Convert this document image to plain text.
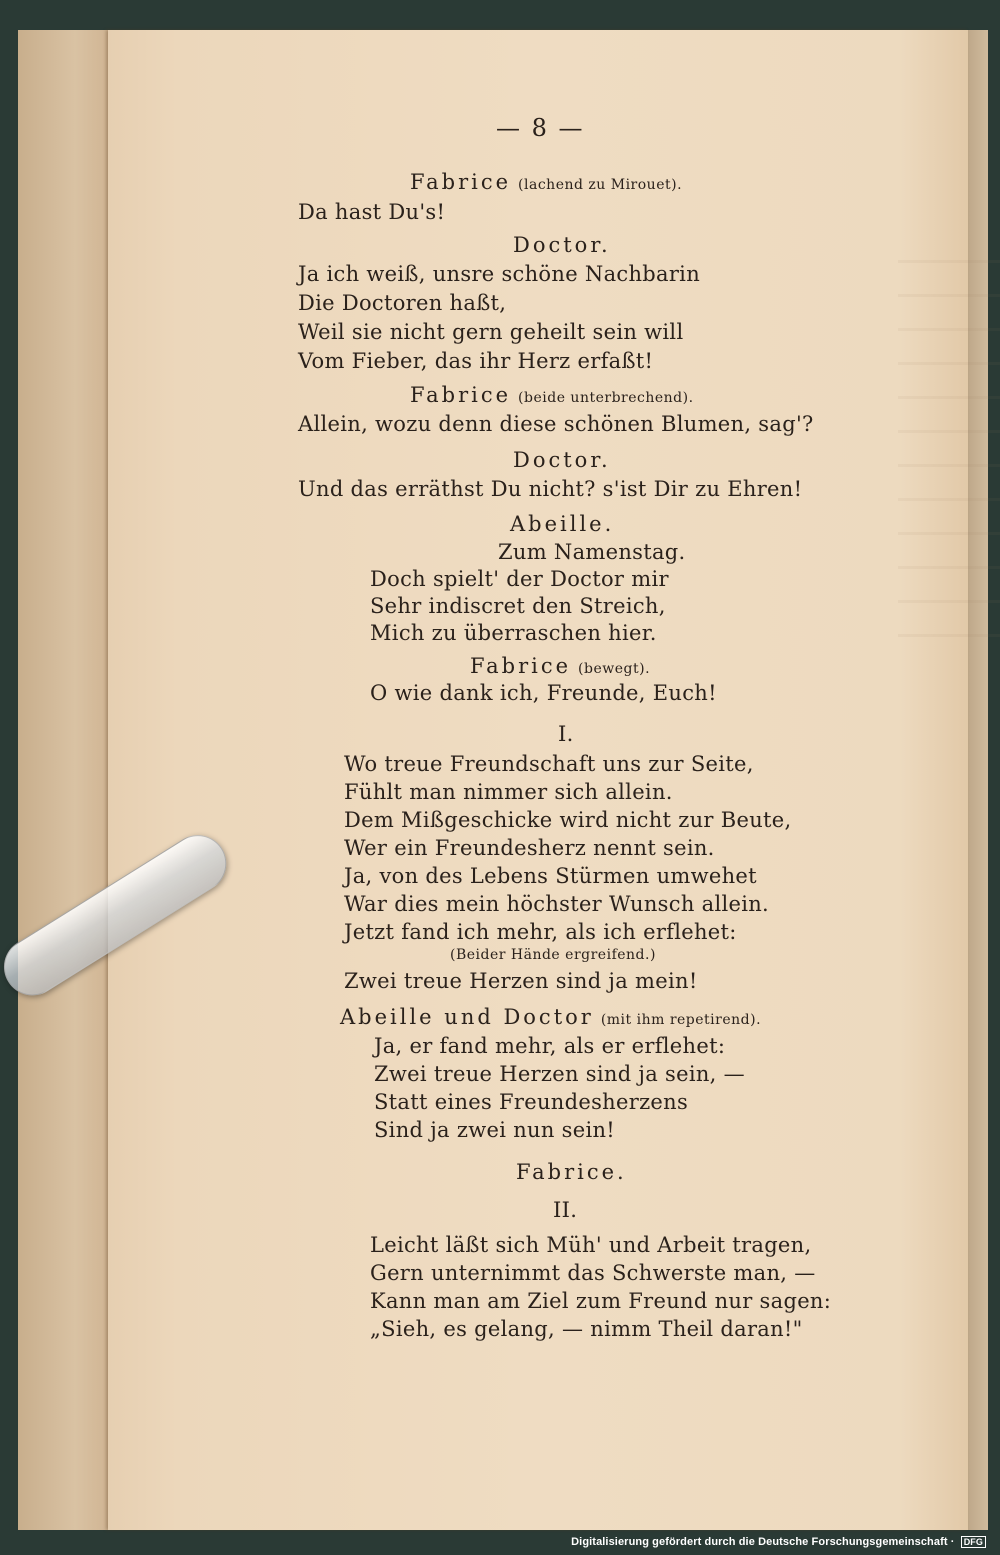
— 8 —
Fabrice (lachend zu Mirouet).
Da hast Du's!
Doctor.
Ja ich weiß, unsre schöne Nachbarin
Die Doctoren haßt,
Weil sie nicht gern geheilt sein will
Vom Fieber, das ihr Herz erfaßt!
Fabrice (beide unterbrechend).
Allein, wozu denn diese schönen Blumen, sag'?
Doctor.
Und das erräthst Du nicht? s'ist Dir zu Ehren!
Abeille.
Zum Namenstag.
Doch spielt' der Doctor mir
Sehr indiscret den Streich,
Mich zu überraschen hier.
Fabrice (bewegt).
O wie dank ich, Freunde, Euch!
I.
Wo treue Freundschaft uns zur Seite,
Fühlt man nimmer sich allein.
Dem Mißgeschicke wird nicht zur Beute,
Wer ein Freundesherz nennt sein.
Ja, von des Lebens Stürmen umwehet
War dies mein höchster Wunsch allein.
Jetzt fand ich mehr, als ich erflehet:
(Beider Hände ergreifend.)
Zwei treue Herzen sind ja mein!
Abeille und Doctor (mit ihm repetirend).
Ja, er fand mehr, als er erflehet:
Zwei treue Herzen sind ja sein, —
Statt eines Freundesherzens
Sind ja zwei nun sein!
Fabrice.
II.
Leicht läßt sich Müh' und Arbeit tragen,
Gern unternimmt das Schwerste man, —
Kann man am Ziel zum Freund nur sagen:
„Sieh, es gelang, — nimm Theil daran!"
Digitalisierung gefördert durch die Deutsche Forschungsgemeinschaft · DFG
